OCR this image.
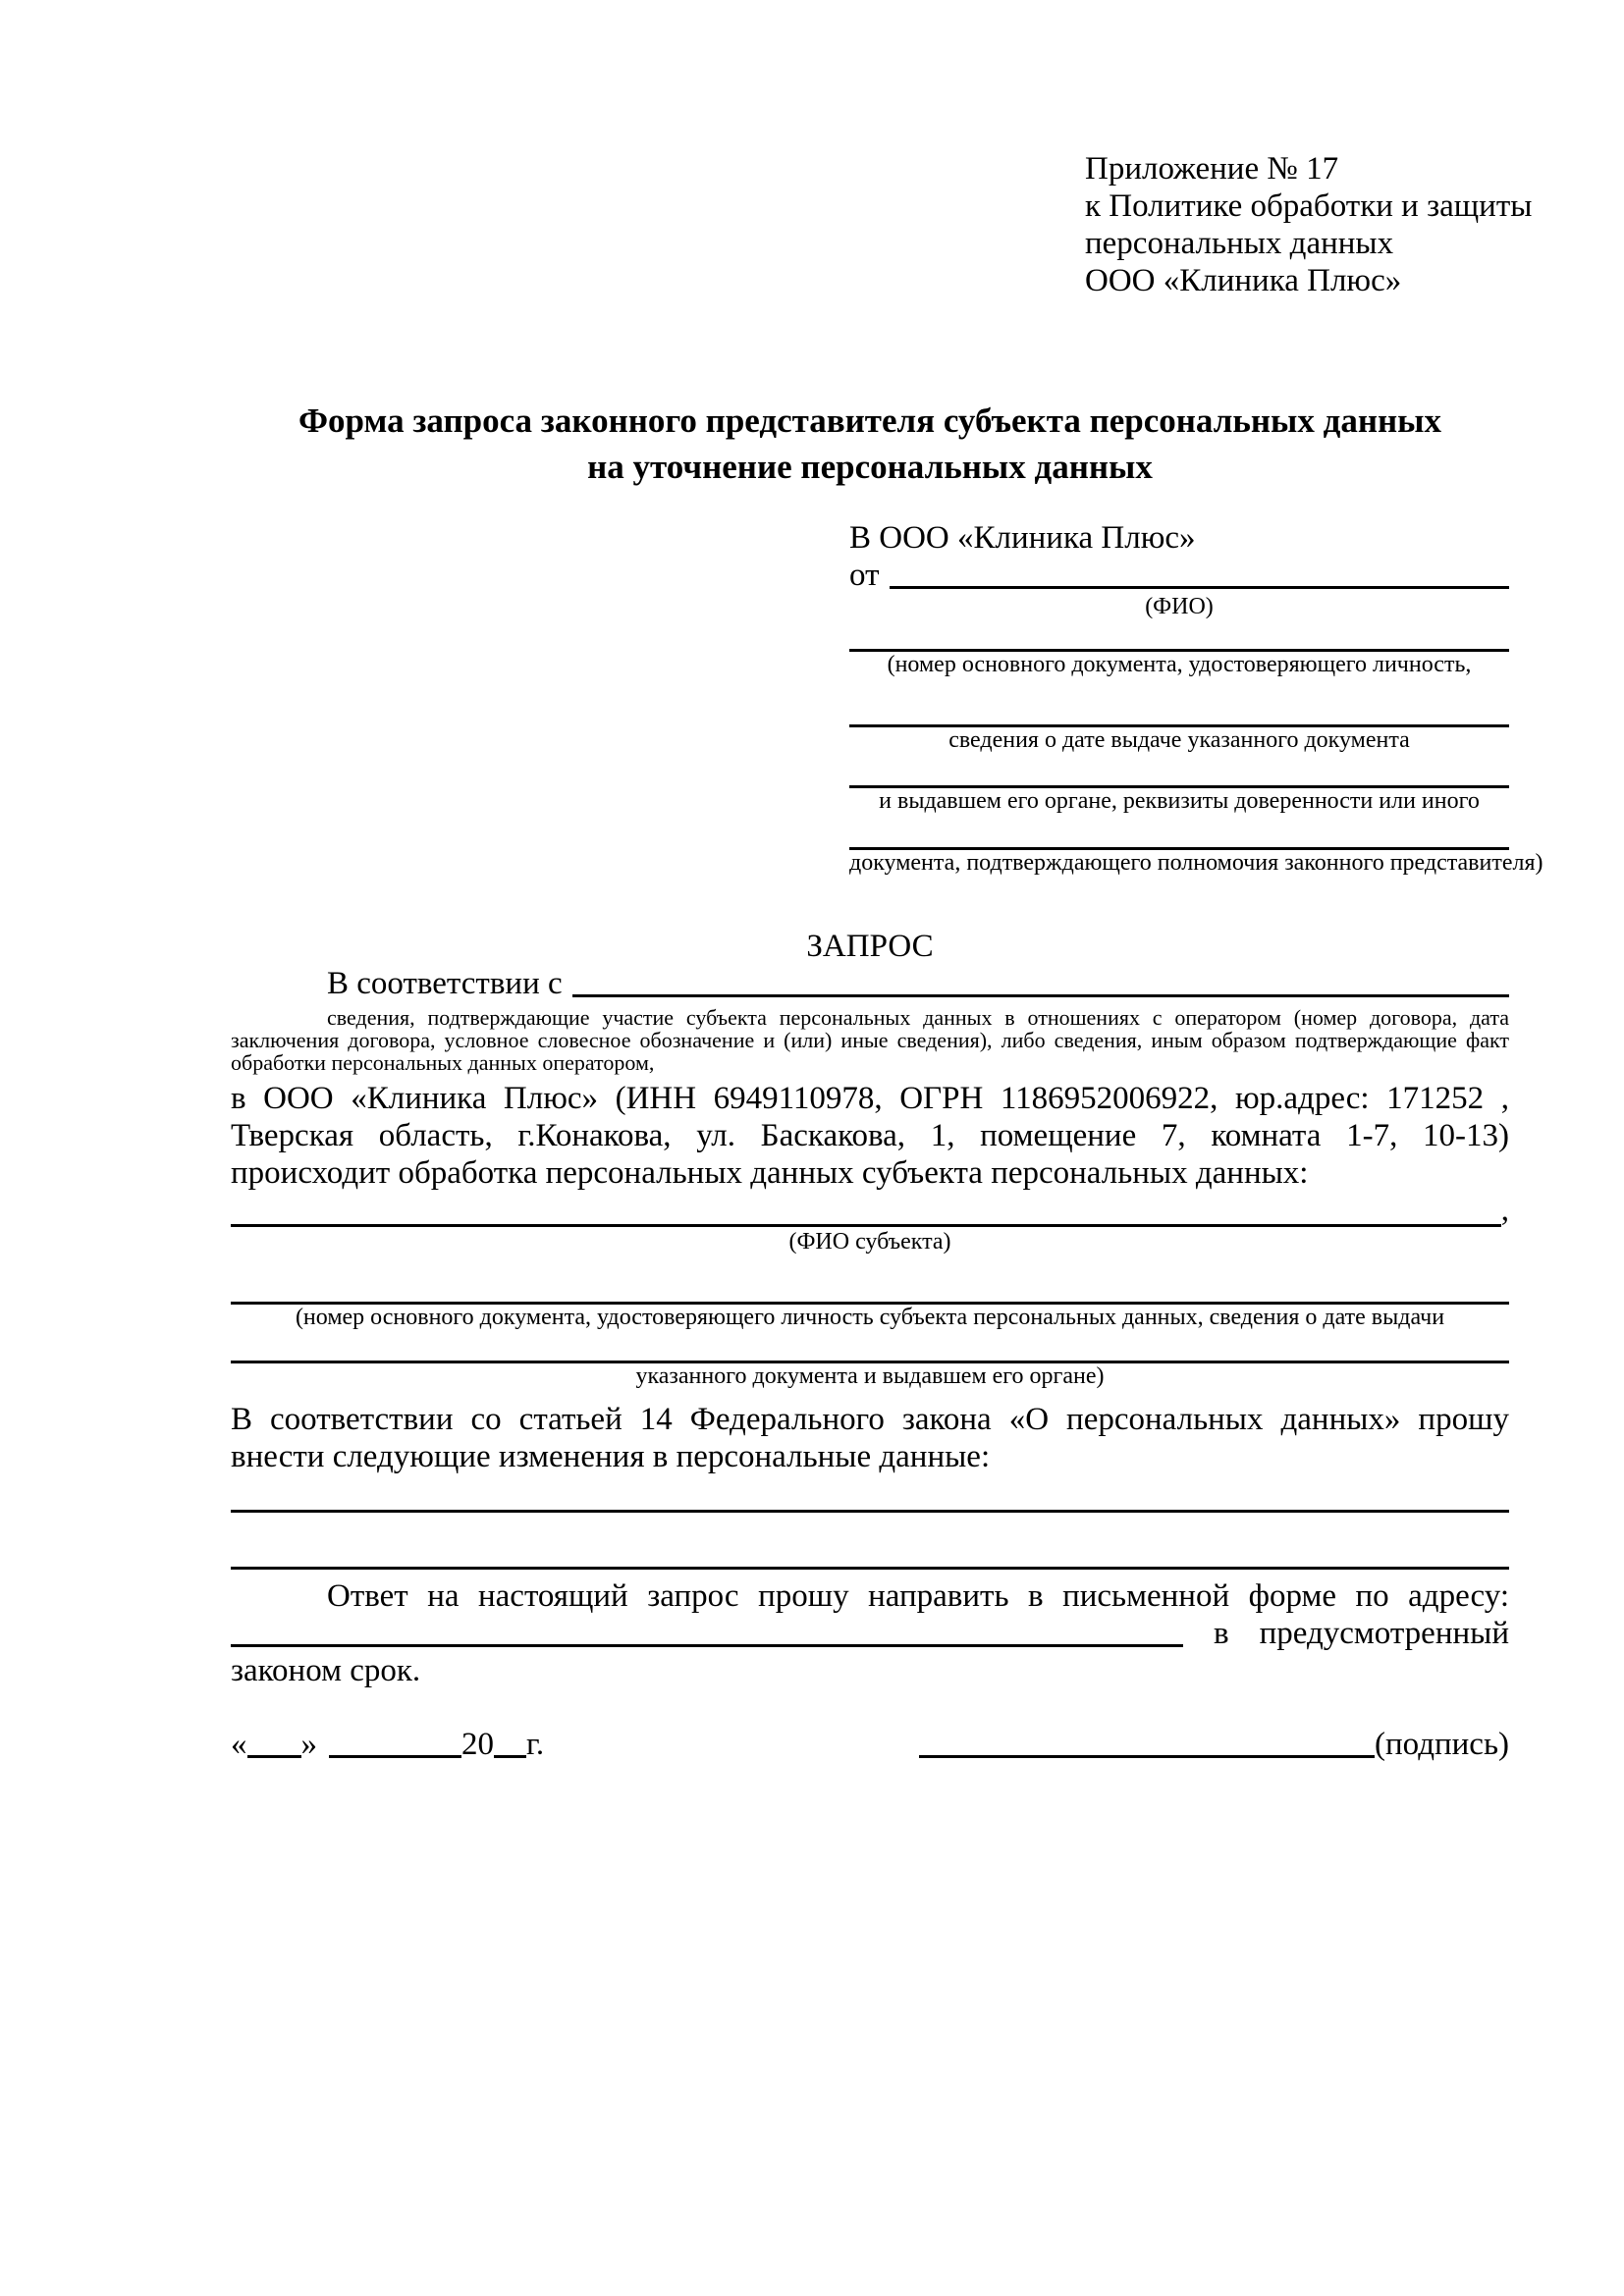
Приложение № 17
к Политике обработки и защиты
персональных данных
ООО «Клиника Плюс»
Форма запроса законного представителя субъекта персональных данных
на уточнение персональных данных
В ООО «Клиника Плюс»
от
(ФИО)
(номер основного документа, удостоверяющего личность,
сведения о дате выдаче указанного документа
и выдавшем его органе, реквизиты доверенности или иного
документа, подтверждающего полномочия законного представителя)
ЗАПРОС
В соответствии с
сведения, подтверждающие участие субъекта персональных данных в отношениях с оператором (номер договора, дата
заключения договора, условное словесное обозначение и (или) иные сведения), либо сведения, иным образом подтверждающие факт
обработки персональных данных оператором,
в ООО «Клиника Плюс» (ИНН 6949110978, ОГРН 1186952006922, юр.адрес: 171252 ,
Тверская область, г.Конакова, ул. Баскакова, 1, помещение 7, комната 1-7, 10-13)
происходит обработка персональных данных субъекта персональных данных:
,
(ФИО субъекта)
(номер основного документа, удостоверяющего личность субъекта персональных данных, сведения о дате выдачи
указанного документа и выдавшем его органе)
В соответствии со статьей 14 Федерального закона «О персональных данных» прошу
внести следующие изменения в персональные данные:
Ответ на настоящий запрос прошу направить в письменной форме по адресу:
в предусмотренный
законом срок.
« »	20 г.	(подпись)
